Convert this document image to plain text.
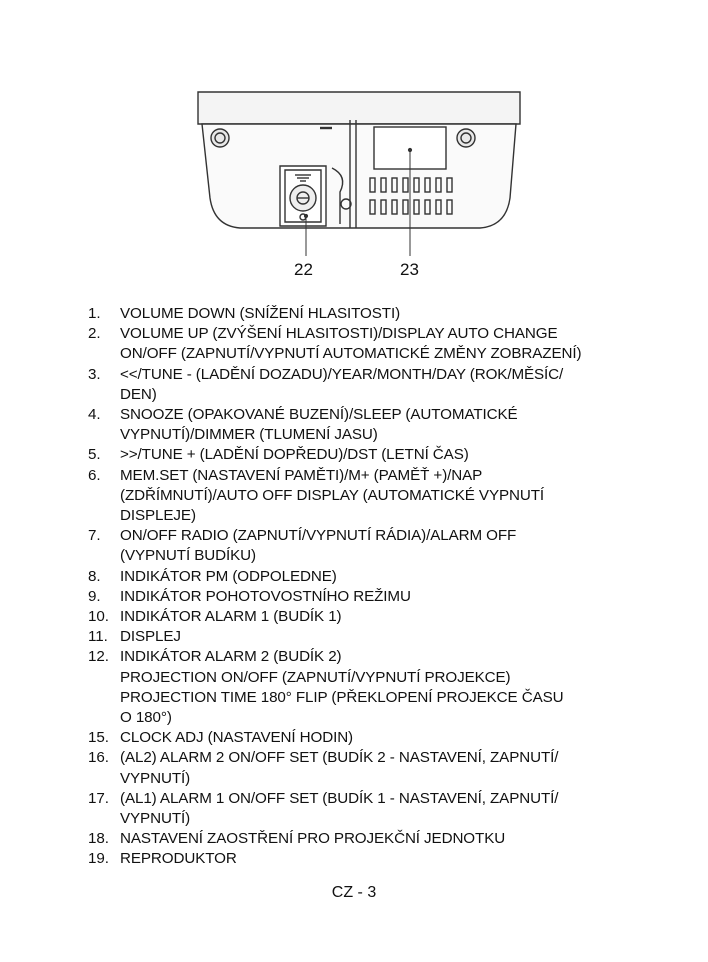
22	23
1.	VOLUME DOWN (SNÍŽENÍ HLASITOSTI)
2.	VOLUME UP (ZVÝŠENÍ HLASITOSTI)/DISPLAY AUTO CHANGE
ON/OFF (ZAPNUTÍ/VYPNUTÍ AUTOMATICKÉ ZMĚNY ZOBRAZENÍ)
3.	<</TUNE - (LADĚNÍ DOZADU)/YEAR/MONTH/DAY (ROK/MĚSÍC/
DEN)
4.	SNOOZE (OPAKOVANÉ BUZENÍ)/SLEEP (AUTOMATICKÉ
VYPNUTÍ)/DIMMER (TLUMENÍ JASU)
5.	>>/TUNE + (LADĚNÍ DOPŘEDU)/DST (LETNÍ ČAS)
6.	MEM.SET (NASTAVENÍ PAMĚTI)/M+ (PAMĚŤ +)/NAP
(ZDŘÍMNUTÍ)/AUTO OFF DISPLAY (AUTOMATICKÉ VYPNUTÍ
DISPLEJE)
7.	ON/OFF RADIO (ZAPNUTÍ/VYPNUTÍ RÁDIA)/ALARM OFF
(VYPNUTÍ BUDÍKU)
8.	INDIKÁTOR PM (ODPOLEDNE)
9.	INDIKÁTOR POHOTOVOSTNÍHO REŽIMU
10. INDIKÁTOR ALARM 1 (BUDÍK 1)
11. DISPLEJ
12. INDIKÁTOR ALARM 2 (BUDÍK 2)
PROJECTION ON/OFF (ZAPNUTÍ/VYPNUTÍ PROJEKCE)
PROJECTION TIME 180° FLIP (PŘEKLOPENÍ PROJEKCE ČASU
O 180°)
15. CLOCK ADJ (NASTAVENÍ HODIN)
16. (AL2) ALARM 2 ON/OFF SET (BUDÍK 2 - NASTAVENÍ, ZAPNUTÍ/
VYPNUTÍ)
17. (AL1) ALARM 1 ON/OFF SET (BUDÍK 1 - NASTAVENÍ, ZAPNUTÍ/
VYPNUTÍ)
18. NASTAVENÍ ZAOSTŘENÍ PRO PROJEKČNÍ JEDNOTKU
19. REPRODUKTOR
CZ - 3
